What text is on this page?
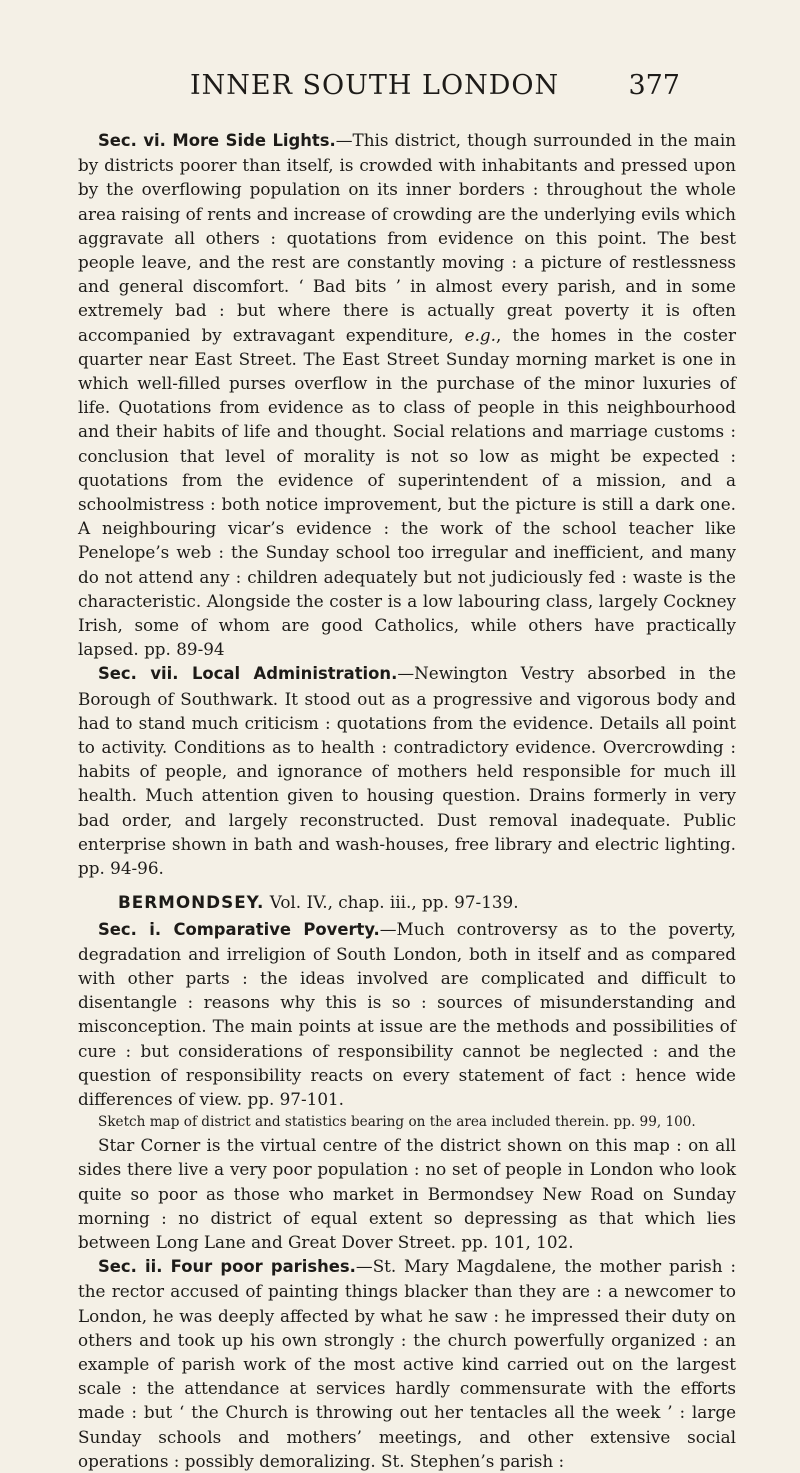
INNER SOUTH LONDON	377

Sec. vi. More Side Lights.—This district, though surrounded in the main by districts poorer than itself, is crowded with inhabitants and pressed upon by the overflowing population on its inner borders : throughout the whole area raising of rents and increase of crowding are the underlying evils which aggravate all others : quotations from evidence on this point. The best people leave, and the rest are constantly moving : a picture of restlessness and general discomfort. ‘ Bad bits ’ in almost every parish, and in some extremely bad : but where there is actually great poverty it is often accompanied by extravagant expenditure, e.g., the homes in the coster quarter near East Street. The East Street Sunday morning market is one in which well-filled purses overflow in the purchase of the minor luxuries of life. Quotations from evidence as to class of people in this neighbourhood and their habits of life and thought. Social relations and marriage customs : conclusion that level of morality is not so low as might be expected : quotations from the evidence of superintendent of a mission, and a schoolmistress : both notice improvement, but the picture is still a dark one. A neighbouring vicar’s evidence : the work of the school teacher like Penelope’s web : the Sunday school too irregular and inefficient, and many do not attend any : children adequately but not judiciously fed : waste is the characteristic. Alongside the coster is a low labouring class, largely Cockney Irish, some of whom are good Catholics, while others have practically lapsed. pp. 89-94

Sec. vii. Local Administration.—Newington Vestry absorbed in the Borough of Southwark. It stood out as a progressive and vigorous body and had to stand much criticism : quotations from the evidence. Details all point to activity. Conditions as to health : contradictory evidence. Overcrowding : habits of people, and ignorance of mothers held responsible for much ill health. Much attention given to housing question. Drains formerly in very bad order, and largely reconstructed. Dust removal inadequate. Public enterprise shown in bath and wash-houses, free library and electric lighting. pp. 94-96.

BERMONDSEY. Vol. IV., chap. iii., pp. 97-139.

Sec. i. Comparative Poverty.—Much controversy as to the poverty, degradation and irreligion of South London, both in itself and as compared with other parts : the ideas involved are complicated and difficult to disentangle : reasons why this is so : sources of misunderstanding and misconception. The main points at issue are the methods and possibilities of cure : but considerations of responsibility cannot be neglected : and the question of responsibility reacts on every statement of fact : hence wide differences of view. pp. 97-101.

Sketch map of district and statistics bearing on the area included therein. pp. 99, 100.

Star Corner is the virtual centre of the district shown on this map : on all sides there live a very poor population : no set of people in London who look quite so poor as those who market in Bermondsey New Road on Sunday morning : no district of equal extent so depressing as that which lies between Long Lane and Great Dover Street. pp. 101, 102.

Sec. ii. Four poor parishes.—St. Mary Magdalene, the mother parish : the rector accused of painting things blacker than they are : a newcomer to London, he was deeply affected by what he saw : he impressed their duty on others and took up his own strongly : the church powerfully organized : an example of parish work of the most active kind carried out on the largest scale : the attendance at services hardly commensurate with the efforts made : but ‘ the Church is throwing out her tentacles all the week ’ : large Sunday schools and mothers’ meetings, and other extensive social operations : possibly demoralizing. St. Stephen’s parish :
